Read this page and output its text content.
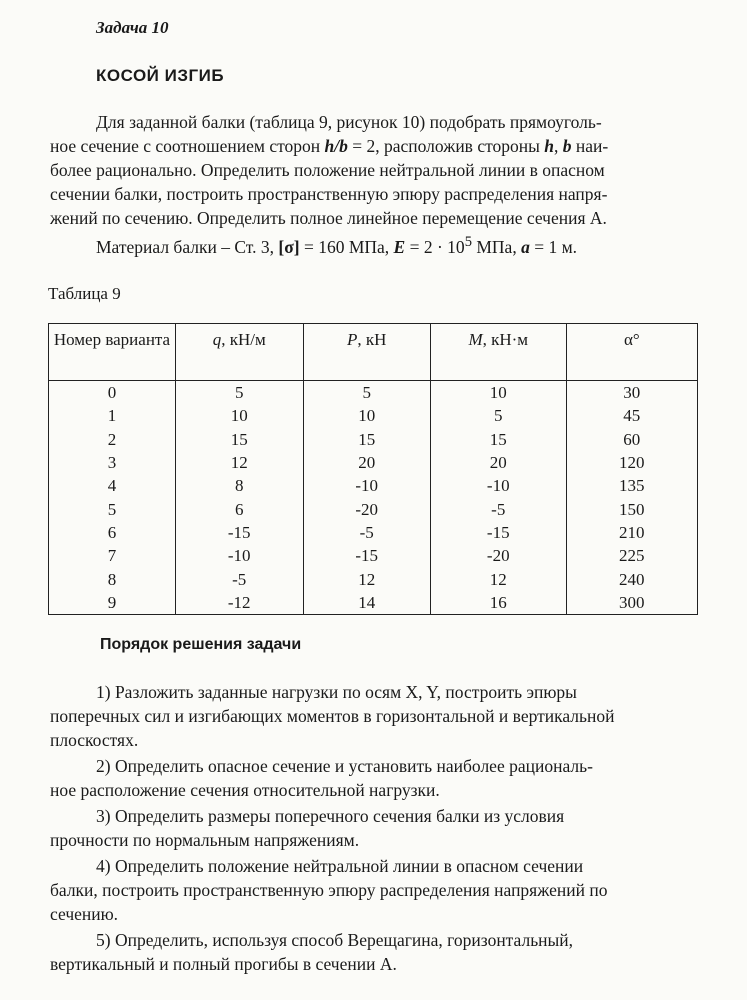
Задача 10
КОСОЙ ИЗГИБ
Для заданной балки (таблица 9, рисунок 10) подобрать прямоуголь-
ное сечение с соотношением сторон h/b = 2, расположив стороны h, b наи-
более рационально. Определить положение нейтральной линии в опасном
сечении балки, построить пространственную эпюру распределения напря-
жений по сечению. Определить полное линейное перемещение сечения А.
Материал балки – Ст. 3, [σ] = 160 МПа, $E = 2 \cdot 10^5$ МПа, a = 1 м.
Таблица 9
Номер варианта	q, кН/м	P, кН	M, кН·м	α°
0	5	5	10	30
1	10	10	5	45
2	15	15	15	60
3	12	20	20	120
4	8	-10	-10	135
5	6	-20	-5	150
6	-15	-5	-15	210
7	-10	-15	-20	225
8	-5	12	12	240
9	-12	14	16	300
Порядок решения задачи
1) Разложить заданные нагрузки по осям X, Y, построить эпюры
поперечных сил и изгибающих моментов в горизонтальной и вертикальной
плоскостях.
2) Определить опасное сечение и установить наиболее рациональ-
ное расположение сечения относительной нагрузки.
3) Определить размеры поперечного сечения балки из условия
прочности по нормальным напряжениям.
4) Определить положение нейтральной линии в опасном сечении
балки, построить пространственную эпюру распределения напряжений по
сечению.
5) Определить, используя способ Верещагина, горизонтальный,
вертикальный и полный прогибы в сечении А.
